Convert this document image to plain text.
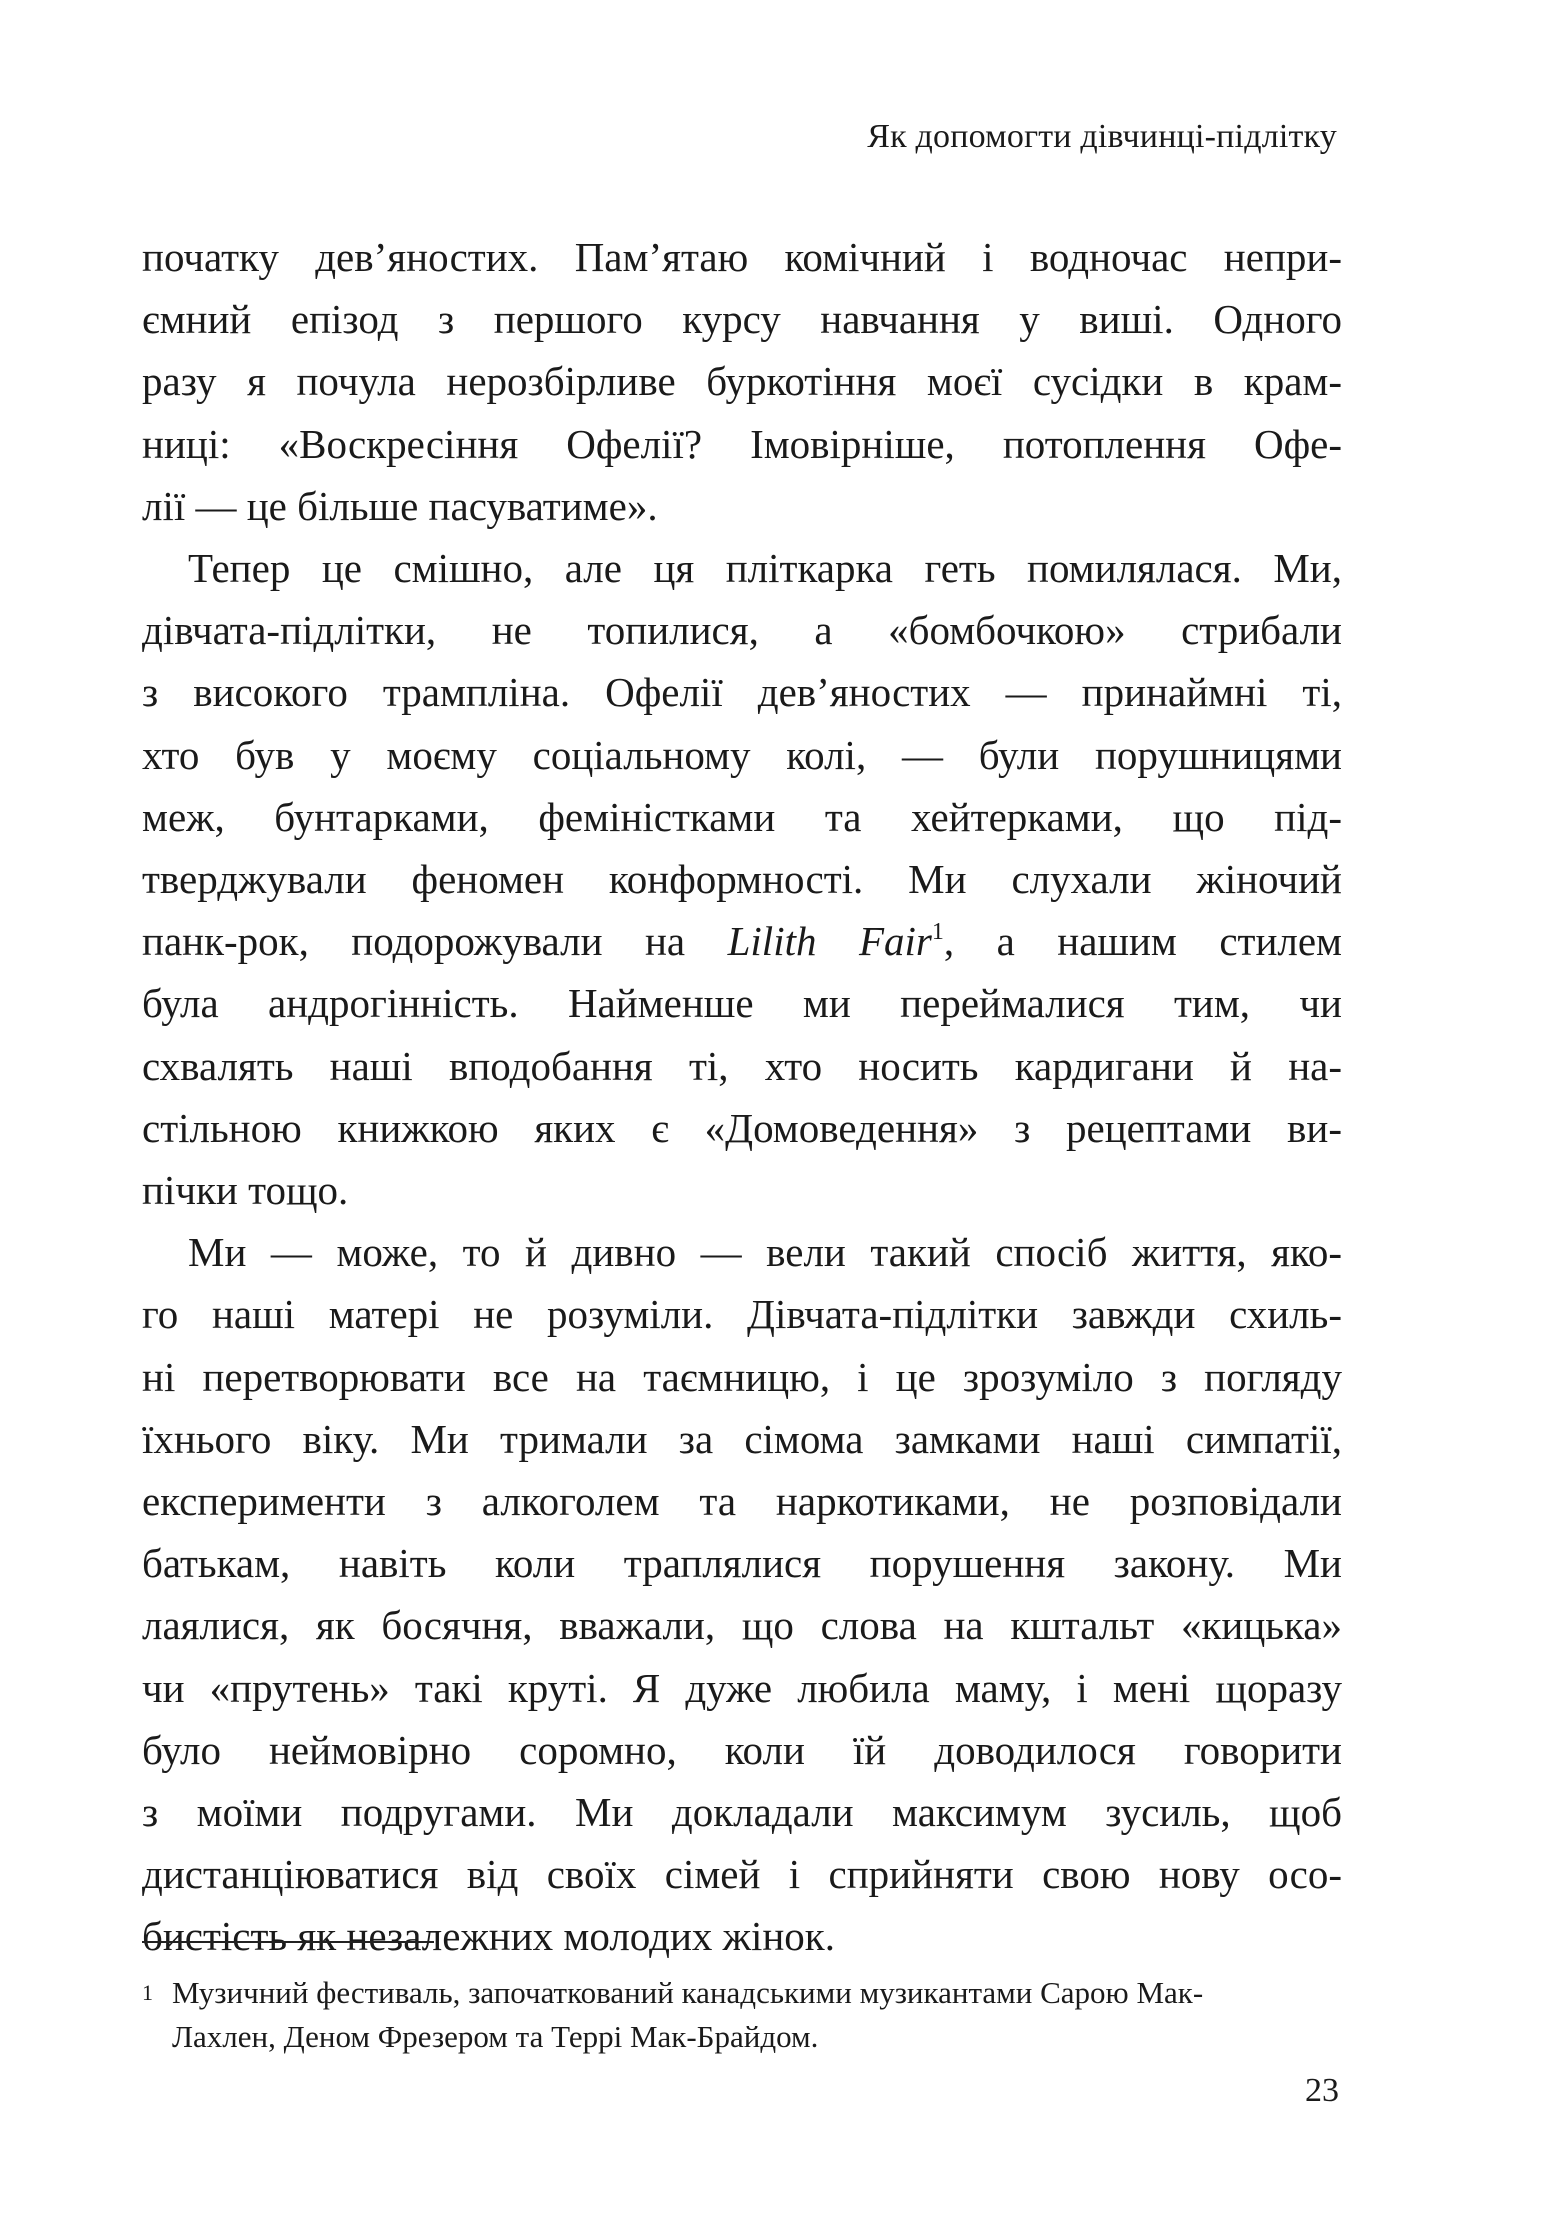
Як допомогти дівчинці-підлітку

початку дев’яностих. Пам’ятаю комічний і водночас непри-
ємний епізод з першого курсу навчання у виші. Одного
разу я почула нерозбірливе буркотіння моєї сусідки в крам-
ниці: «Воскресіння Офелії? Імовірніше, потоплення Офе-
лії — це більше пасуватиме».

Тепер це смішно, але ця пліткарка геть помилялася. Ми,
дівчата-підлітки, не топилися, а «бомбочкою» стрибали
з високого трампліна. Офелії дев’яностих — принаймні ті,
хто був у моєму соціальному колі, — були порушницями
меж, бунтарками, феміністками та хейтерками, що під-
тверджували феномен конформності. Ми слухали жіночий
панк-рок, подорожували на Lilith Fair$^1$, а нашим стилем
була андрогінність. Найменше ми переймалися тим, чи
схвалять наші вподобання ті, хто носить кардигани й на-
стільною книжкою яких є «Домоведення» з рецептами ви-
пічки тощо.

Ми — може, то й дивно — вели такий спосіб життя, яко-
го наші матері не розуміли. Дівчата-підлітки завжди схиль-
ні перетворювати все на таємницю, і це зрозуміло з погляду
їхнього віку. Ми тримали за сімома замками наші симпатії,
експерименти з алкоголем та наркотиками, не розповідали
батькам, навіть коли траплялися порушення закону. Ми
лаялися, як босячня, вважали, що слова на кштальт «кицька»
чи «прутень» такі круті. Я дуже любила маму, і мені щоразу
було неймовірно соромно, коли їй доводилося говорити
з моїми подругами. Ми докладали максимум зусиль, щоб
дистанціюватися від своїх сімей і сприйняти свою нову осо-
бистість як незалежних молодих жінок.

1 Музичний фестиваль, започаткований канадськими музикантами Сарою Мак-
Лахлен, Деном Фрезером та Террі Мак-Брайдом.
23
